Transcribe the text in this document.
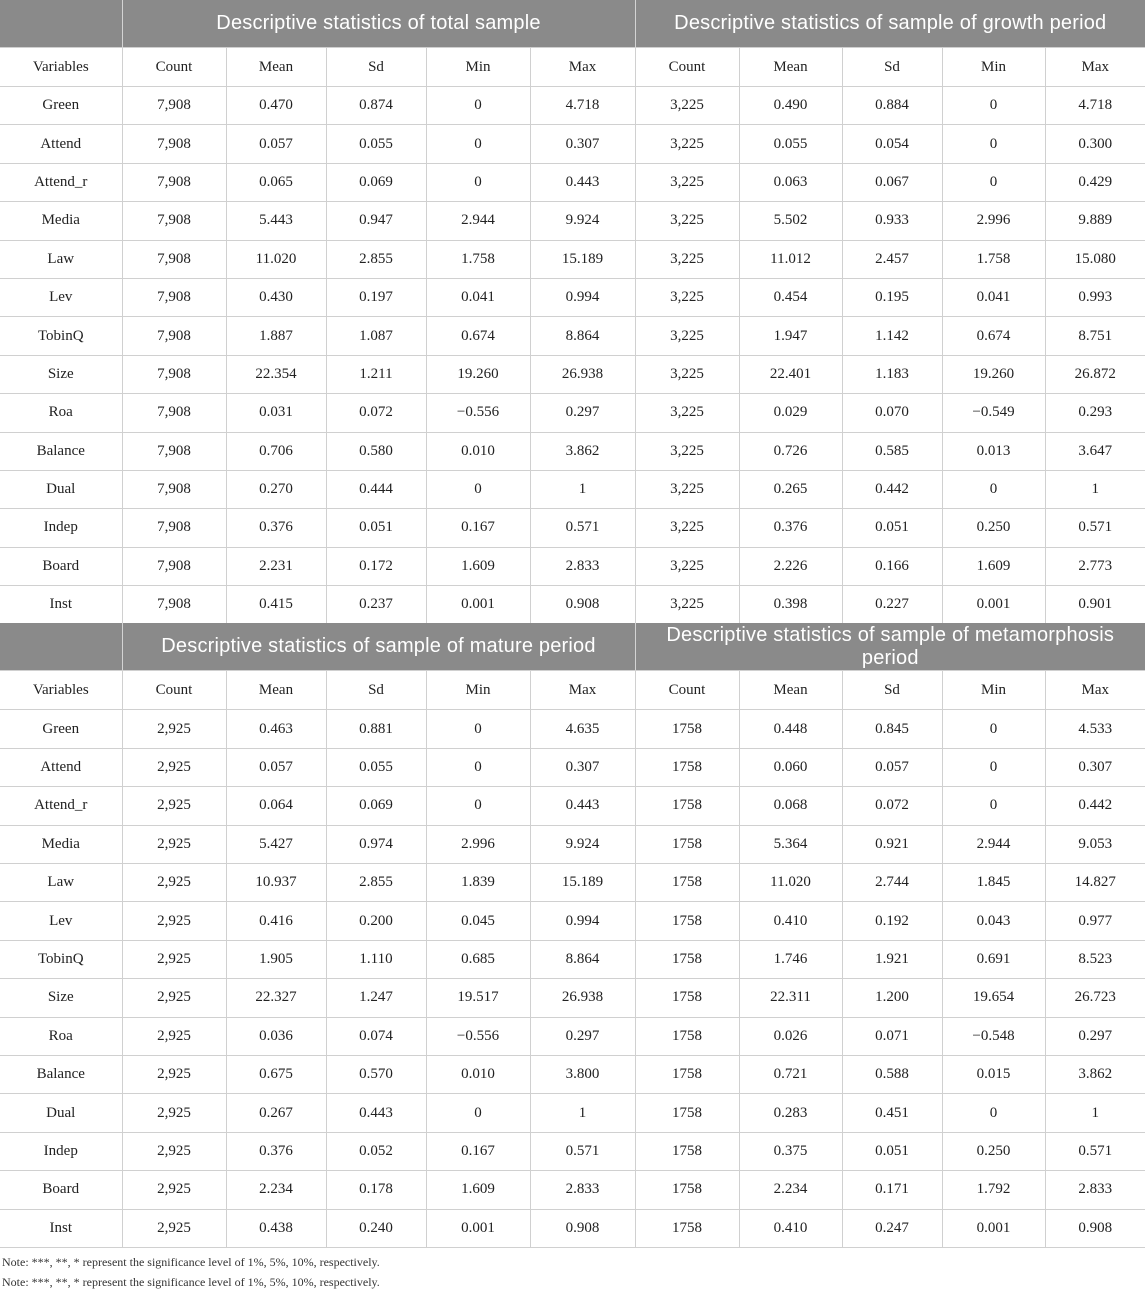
	Descriptive statistics of total sample					Descriptive statistics of sample of growth period				
Variables	Count	Mean	Sd	Min	Max	Count	Mean	Sd	Min	Max
Green	7,908	0.470	0.874	0	4.718	3,225	0.490	0.884	0	4.718
Attend	7,908	0.057	0.055	0	0.307	3,225	0.055	0.054	0	0.300
Attend_r	7,908	0.065	0.069	0	0.443	3,225	0.063	0.067	0	0.429
Media	7,908	5.443	0.947	2.944	9.924	3,225	5.502	0.933	2.996	9.889
Law	7,908	11.020	2.855	1.758	15.189	3,225	11.012	2.457	1.758	15.080
Lev	7,908	0.430	0.197	0.041	0.994	3,225	0.454	0.195	0.041	0.993
TobinQ	7,908	1.887	1.087	0.674	8.864	3,225	1.947	1.142	0.674	8.751
Size	7,908	22.354	1.211	19.260	26.938	3,225	22.401	1.183	19.260	26.872
Roa	7,908	0.031	0.072	−0.556	0.297	3,225	0.029	0.070	−0.549	0.293
Balance	7,908	0.706	0.580	0.010	3.862	3,225	0.726	0.585	0.013	3.647
Dual	7,908	0.270	0.444	0	1	3,225	0.265	0.442	0	1
Indep	7,908	0.376	0.051	0.167	0.571	3,225	0.376	0.051	0.250	0.571
Board	7,908	2.231	0.172	1.609	2.833	3,225	2.226	0.166	1.609	2.773
Inst	7,908	0.415	0.237	0.001	0.908	3,225	0.398	0.227	0.001	0.901
	Descriptive statistics of sample of mature period					Descriptive statistics of sample of metamorphosis period				
Variables	Count	Mean	Sd	Min	Max	Count	Mean	Sd	Min	Max
Green	2,925	0.463	0.881	0	4.635	1758	0.448	0.845	0	4.533
Attend	2,925	0.057	0.055	0	0.307	1758	0.060	0.057	0	0.307
Attend_r	2,925	0.064	0.069	0	0.443	1758	0.068	0.072	0	0.442
Media	2,925	5.427	0.974	2.996	9.924	1758	5.364	0.921	2.944	9.053
Law	2,925	10.937	2.855	1.839	15.189	1758	11.020	2.744	1.845	14.827
Lev	2,925	0.416	0.200	0.045	0.994	1758	0.410	0.192	0.043	0.977
TobinQ	2,925	1.905	1.110	0.685	8.864	1758	1.746	1.921	0.691	8.523
Size	2,925	22.327	1.247	19.517	26.938	1758	22.311	1.200	19.654	26.723
Roa	2,925	0.036	0.074	−0.556	0.297	1758	0.026	0.071	−0.548	0.297
Balance	2,925	0.675	0.570	0.010	3.800	1758	0.721	0.588	0.015	3.862
Dual	2,925	0.267	0.443	0	1	1758	0.283	0.451	0	1
Indep	2,925	0.376	0.052	0.167	0.571	1758	0.375	0.051	0.250	0.571
Board	2,925	2.234	0.178	1.609	2.833	1758	2.234	0.171	1.792	2.833
Inst	2,925	0.438	0.240	0.001	0.908	1758	0.410	0.247	0.001	0.908
Note: ***, **, * represent the significance level of 1%, 5%, 10%, respectively.
Note: ***, **, * represent the significance level of 1%, 5%, 10%, respectively.
